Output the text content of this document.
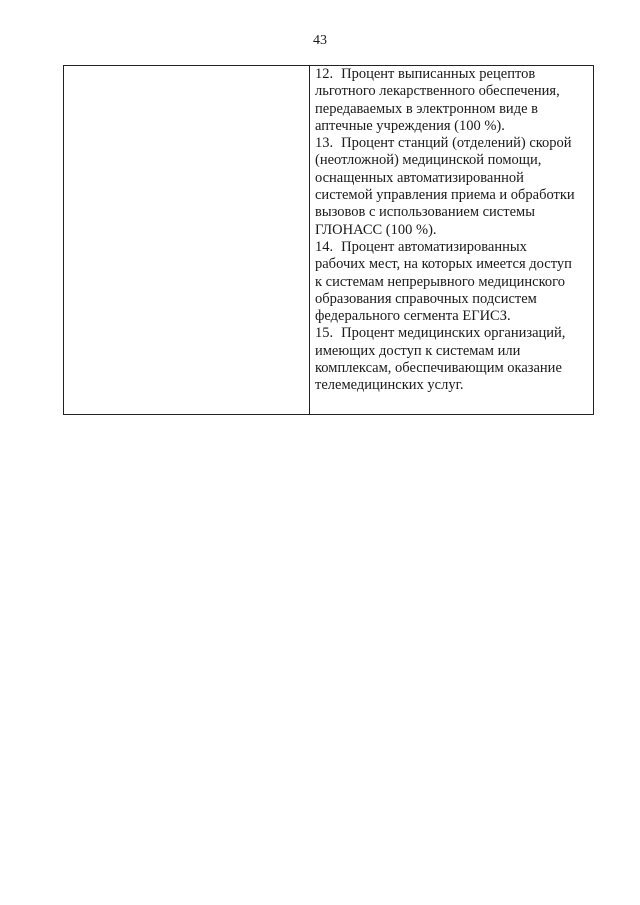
43
12. Процент выписанных рецептов
льготного лекарственного обеспечения,
передаваемых в электронном виде в
аптечные учреждения (100 %).
13. Процент станций (отделений) скорой
(неотложной) медицинской помощи,
оснащенных автоматизированной
системой управления приема и обработки
вызовов с использованием системы
ГЛОНАСС (100 %).
14. Процент автоматизированных
рабочих мест, на которых имеется доступ
к системам непрерывного медицинского
образования справочных подсистем
федерального сегмента ЕГИСЗ.
15. Процент медицинских организаций,
имеющих доступ к системам или
комплексам, обеспечивающим оказание
телемедицинских услуг.
